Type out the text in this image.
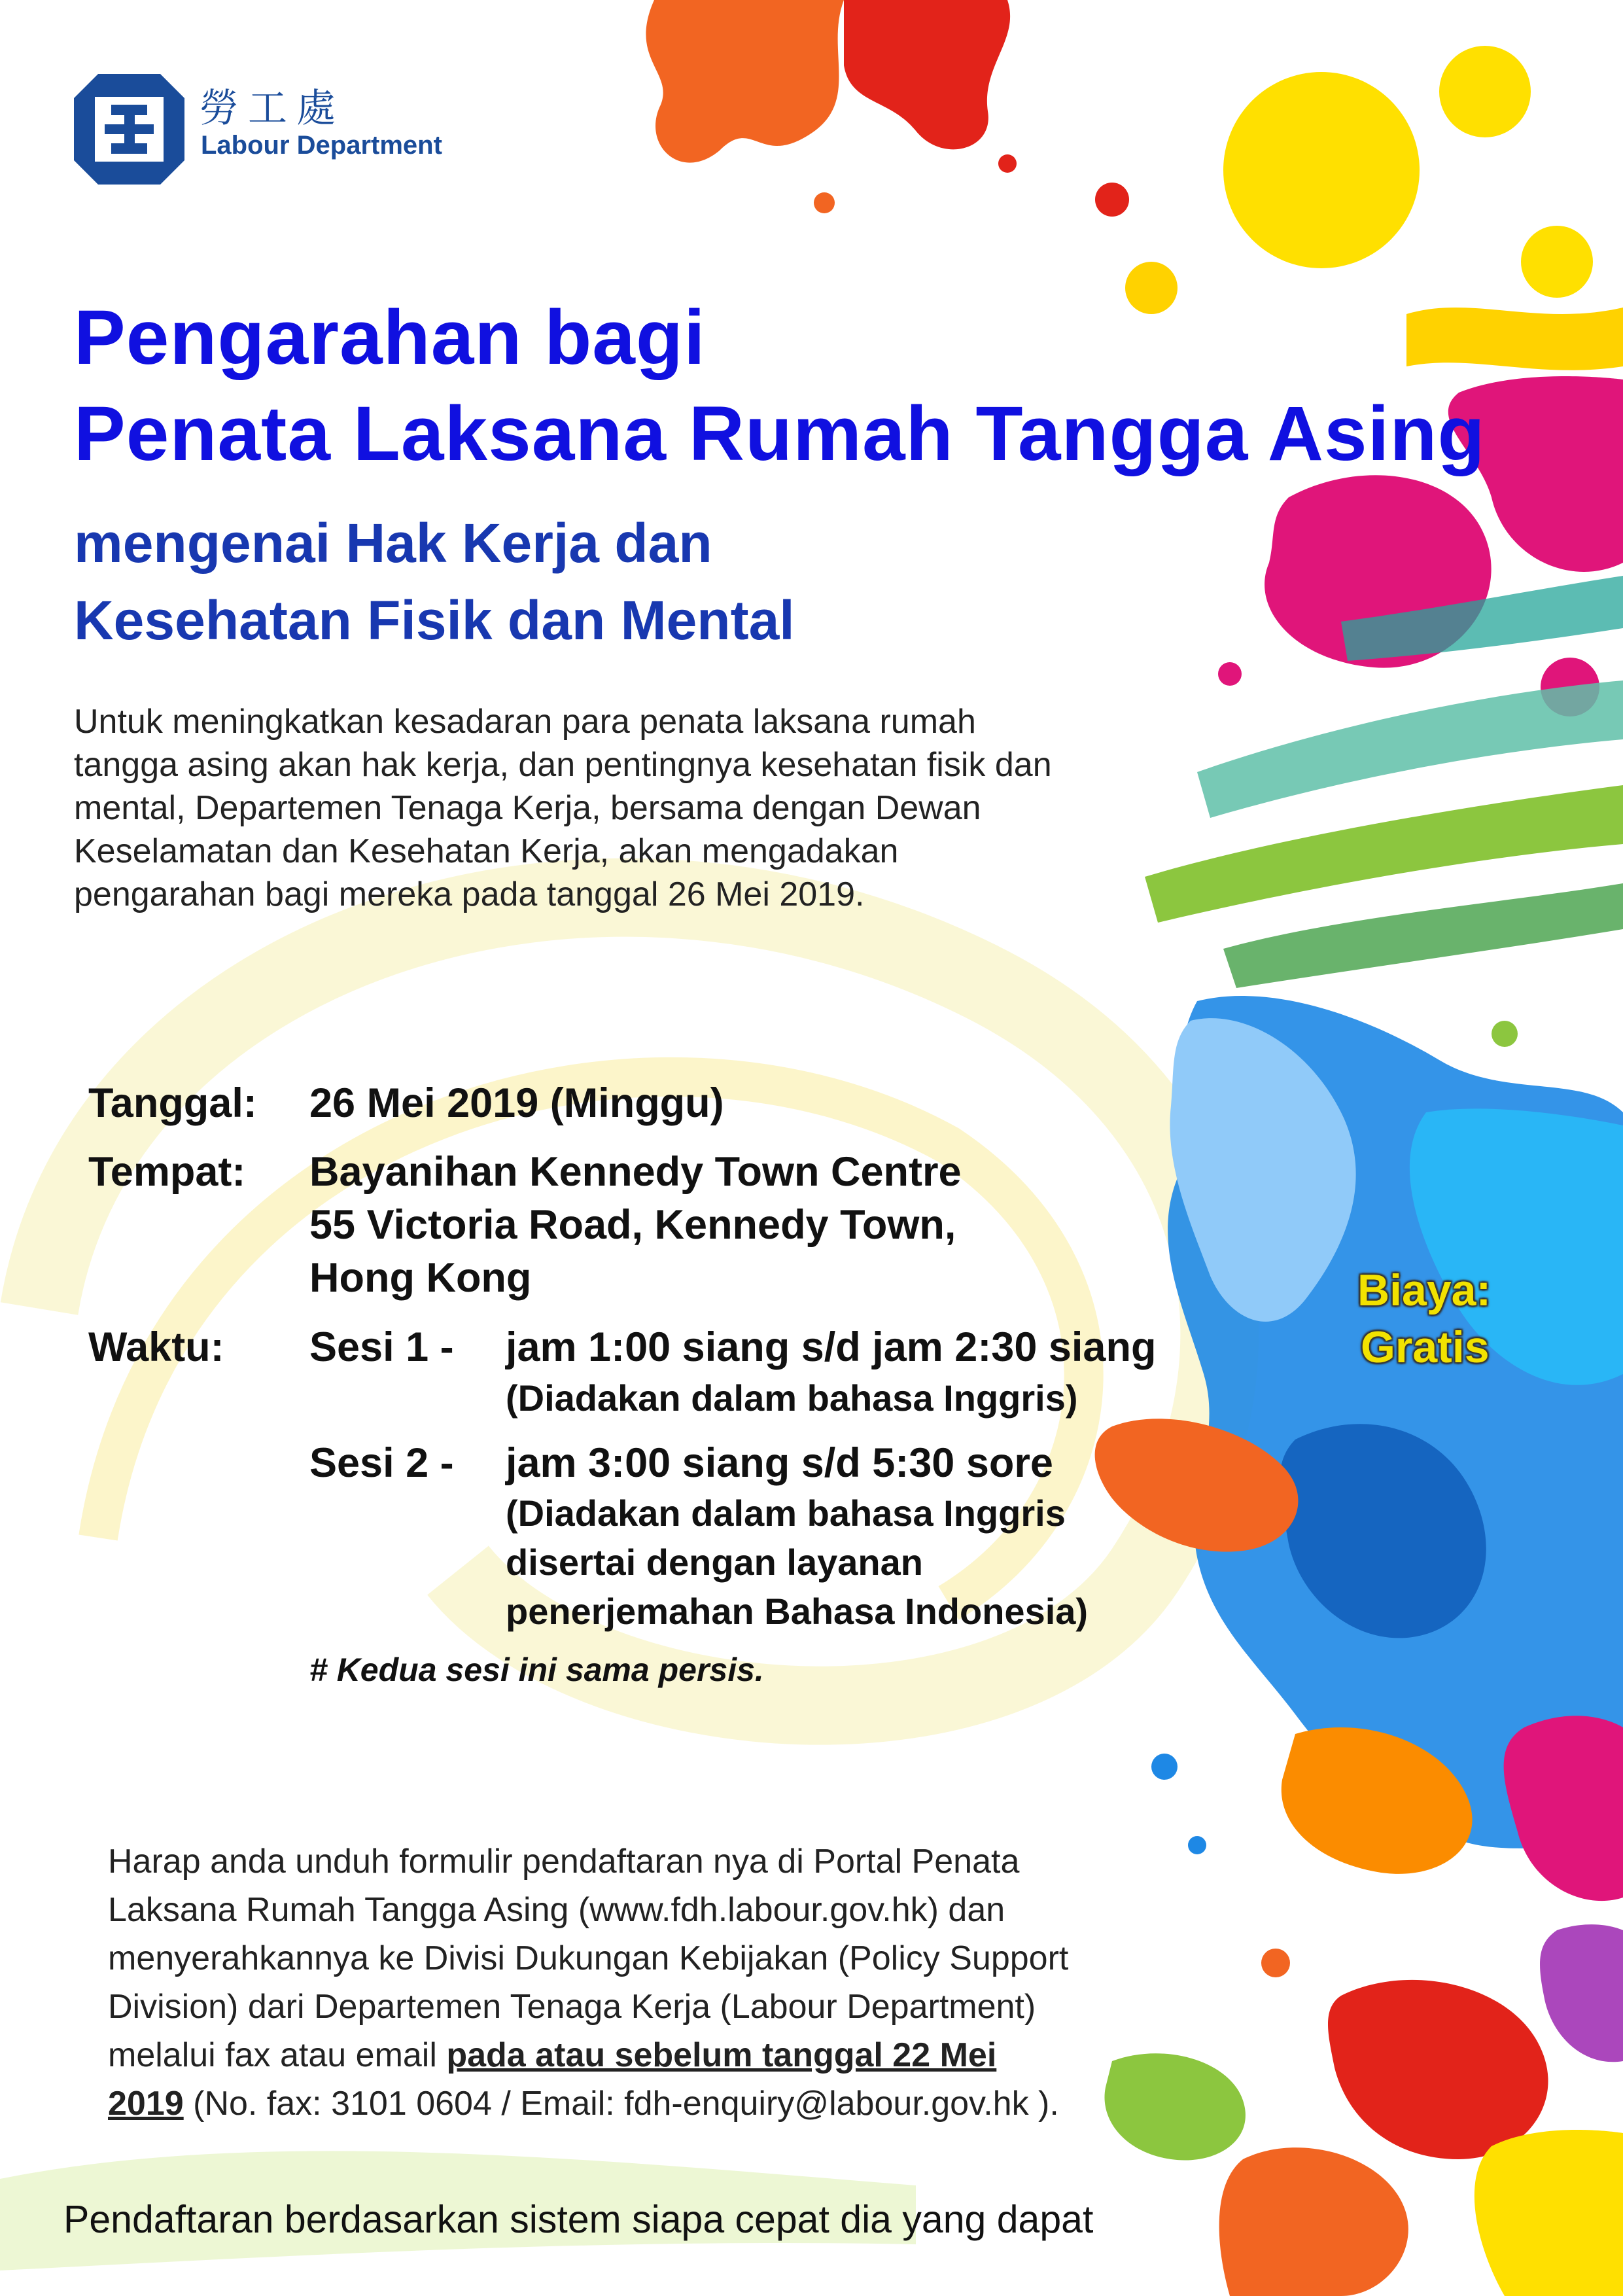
勞工處
Labour Department
Pengarahan bagi
Penata Laksana Rumah Tangga Asing
mengenai Hak Kerja dan
Kesehatan Fisik dan Mental

Untuk meningkatkan kesadaran para penata laksana rumah

tangga asing akan hak kerja, dan pentingnya kesehatan fisik dan

mental, Departemen Tenaga Kerja, bersama dengan Dewan

Keselamatan dan Kesehatan Kerja, akan mengadakan

pengarahan bagi mereka pada tanggal 26 Mei 2019.

Tanggal: 26 Mei 2019 (Minggu)
Tempat: Bayanihan Kennedy Town Centre
55 Victoria Road, Kennedy Town,
Hong Kong
Waktu: Sesi 1 - jam 1:00 siang s/d jam 2:30 siang
(Diadakan dalam bahasa Inggris)
Sesi 2 - jam 3:00 siang s/d 5:30 sore
(Diadakan dalam bahasa Inggris
disertai dengan layanan
penerjemahan Bahasa Indonesia)
# Kedua sesi ini sama persis.
Biaya:
Gratis

Harap anda unduh formulir pendaftaran nya di Portal Penata

Laksana Rumah Tangga Asing (www.fdh.labour.gov.hk) dan

menyerahkannya ke Divisi Dukungan Kebijakan (Policy Support

Division) dari Departemen Tenaga Kerja (Labour Department)

melalui fax atau email pada atau sebelum tanggal 22 Mei

2019 (No. fax: 3101 0604 / Email: fdh-enquiry@labour.gov.hk ).

Pendaftaran berdasarkan sistem siapa cepat dia yang dapat
